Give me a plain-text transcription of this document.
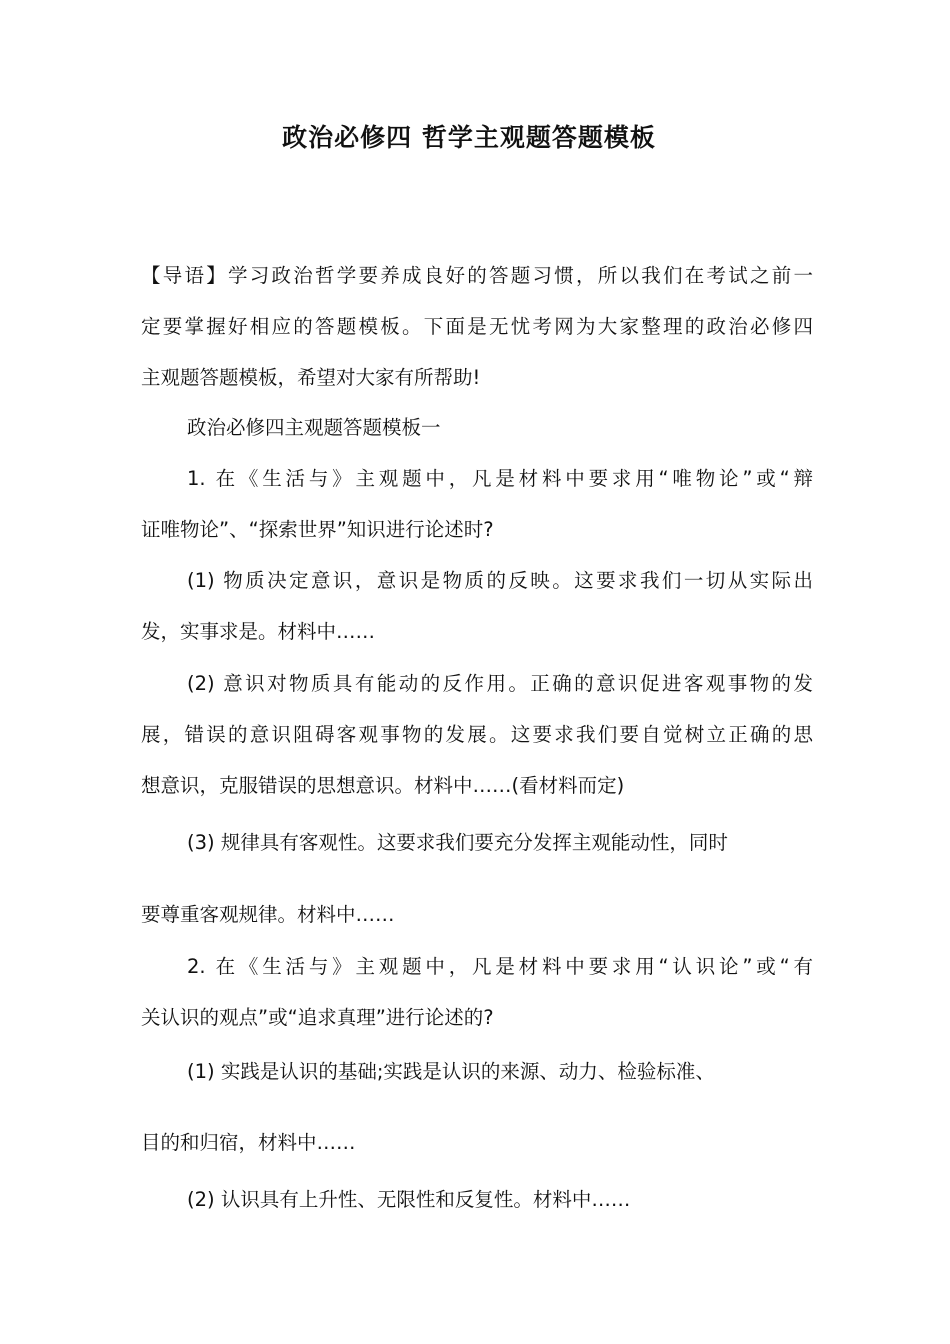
政治必修四 哲学主观题答题模板

【导语】学习政治哲学要养成良好的答题习惯，所以我们在考试之前一

定要掌握好相应的答题模板。下面是无忧考网为大家整理的政治必修四

主观题答题模板，希望对大家有所帮助!

政治必修四主观题答题模板一

1. 在《生活与》主观题中，凡是材料中要求用“唯物论”或“辩

证唯物论”、“探索世界”知识进行论述时?

(1) 物质决定意识，意识是物质的反映。这要求我们一切从实际出

发，实事求是。材料中……

(2) 意识对物质具有能动的反作用。正确的意识促进客观事物的发

展，错误的意识阻碍客观事物的发展。这要求我们要自觉树立正确的思

想意识，克服错误的思想意识。材料中……(看材料而定)

(3) 规律具有客观性。这要求我们要充分发挥主观能动性，同时

要尊重客观规律。材料中……

2. 在《生活与》主观题中，凡是材料中要求用“认识论”或“有

关认识的观点”或“追求真理”进行论述的?

(1) 实践是认识的基础;实践是认识的来源、动力、检验标准、

目的和归宿，材料中……

(2) 认识具有上升性、无限性和反复性。材料中……
